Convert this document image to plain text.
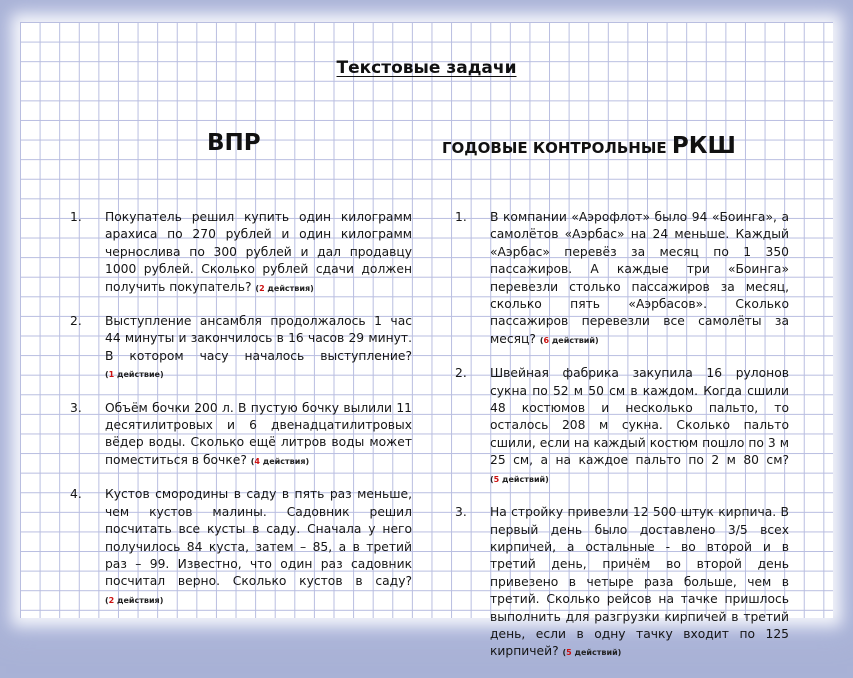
Текстовые задачи
ВПР	ГОДОВЫЕ КОНТРОЛЬНЫЕ РКШ
1. Покупатель решил купить один килограмм арахиса по 270 рублей и один килограмм чернослива по 300 рублей и дал продавцу 1000 рублей. Сколько рублей сдачи должен получить покупатель? (2 действия)
2. Выступление ансамбля продолжалось 1 час 44 минуты и закончилось в 16 часов 29 минут. В котором часу началось выступление? (1 действие)
3. Объём бочки 200 л. В пустую бочку вылили 11 десятилитровых и 6 двенадцатилитровых вёдер воды. Сколько ещё литров воды может поместиться в бочке? (4 действия)
4. Кустов смородины в саду в пять раз меньше, чем кустов малины. Садовник решил посчитать все кусты в саду. Сначала у него получилось 84 куста, затем – 85, а в третий раз – 99. Известно, что один раз садовник посчитал верно. Сколько кустов в саду? (2 действия)
1. В компании «Аэрофлот» было 94 «Боинга», а самолётов «Аэрбас» на 24 меньше. Каждый «Аэрбас» перевёз за месяц по 1 350 пассажиров. А каждые три «Боинга» перевезли столько пассажиров за месяц, сколько пять «Аэрбасов». Сколько пассажиров перевезли все самолёты за месяц? (6 действий)
2. Швейная фабрика закупила 16 рулонов сукна по 52 м 50 см в каждом. Когда сшили 48 костюмов и несколько пальто, то осталось 208 м сукна. Сколько пальто сшили, если на каждый костюм пошло по 3 м 25 см, а на каждое пальто по 2 м 80 см? (5 действий)
3. На стройку привезли 12 500 штук кирпича. В первый день было доставлено 3/5 всех кирпичей, а остальные - во второй и в третий день, причём во второй день привезено в четыре раза больше, чем в третий. Сколько рейсов на тачке пришлось выполнить для разгрузки кирпичей в третий день, если в одну тачку входит по 125 кирпичей? (5 действий)
